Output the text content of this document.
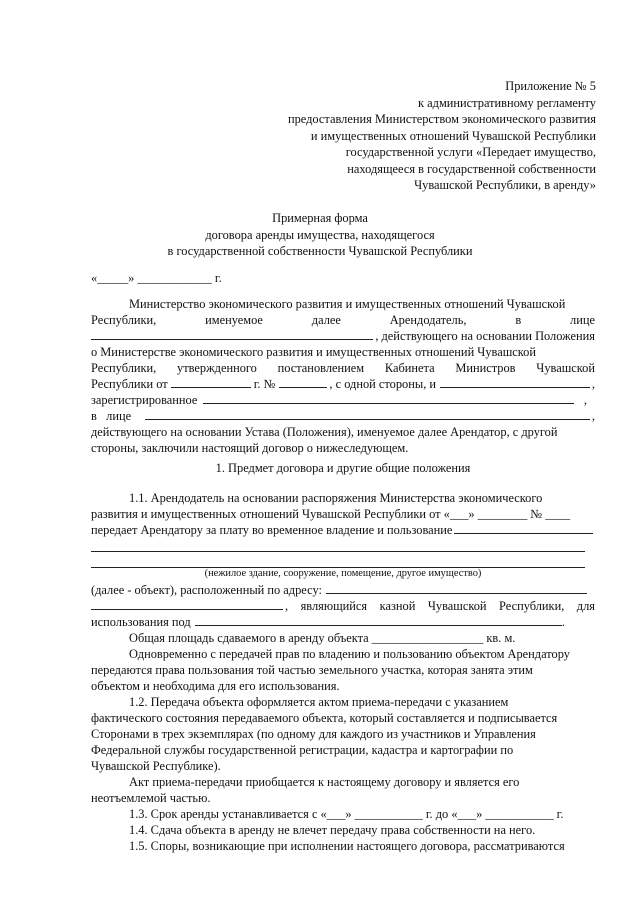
Приложение № 5
к административному регламенту
предоставления Министерством экономического развития
и имущественных отношений Чувашской Республики
государственной услуги «Передает имущество,
находящееся в государственной собственности
Чувашской Республики, в аренду»
Примерная форма
договора аренды имущества, находящегося
в государственной собственности Чувашской Республики
«_____» ____________ г.
Министерство экономического развития и имущественных отношений Чувашской
Республики,	именуемое	далее	Арендодатель,	в	лице
, действующего на основании Положения
о Министерстве экономического развития и имущественных отношений Чувашской
Республики, утвержденного постановлением Кабинета Министров Чувашской
Республики от	г. №	, с одной стороны, и	,
зарегистрированное	,
в   лице	,
действующего на основании Устава (Положения), именуемое далее Арендатор, с другой
стороны, заключили настоящий договор о нижеследующем.
1. Предмет договора и другие общие положения
1.1. Арендодатель на основании распоряжения Министерства экономического
развития и имущественных отношений Чувашской Республики от «___» ________ № ____
передает Арендатору за плату во временное владение и пользование
(нежилое здание, сооружение, помещение, другое имущество)
(далее - объект), расположенный по адресу:
, являющийся казной Чувашской Республики, для
использования под	.
Общая площадь сдаваемого в аренду объекта __________________ кв. м.
Одновременно с передачей прав по владению и пользованию объектом Арендатору
передаются права пользования той частью земельного участка, которая занята этим
объектом и необходима для его использования.
1.2. Передача объекта оформляется актом приема-передачи с указанием
фактического состояния передаваемого объекта, который составляется и подписывается
Сторонами в трех экземплярах (по одному для каждого из участников и Управления
Федеральной службы государственной регистрации, кадастра и картографии по
Чувашской Республике).
Акт приема-передачи приобщается к настоящему договору и является его
неотъемлемой частью.
1.3. Срок аренды устанавливается с «___» ___________ г. до «___» ___________ г.
1.4. Сдача объекта в аренду не влечет передачу права собственности на него.
1.5. Споры, возникающие при исполнении настоящего договора, рассматриваются
